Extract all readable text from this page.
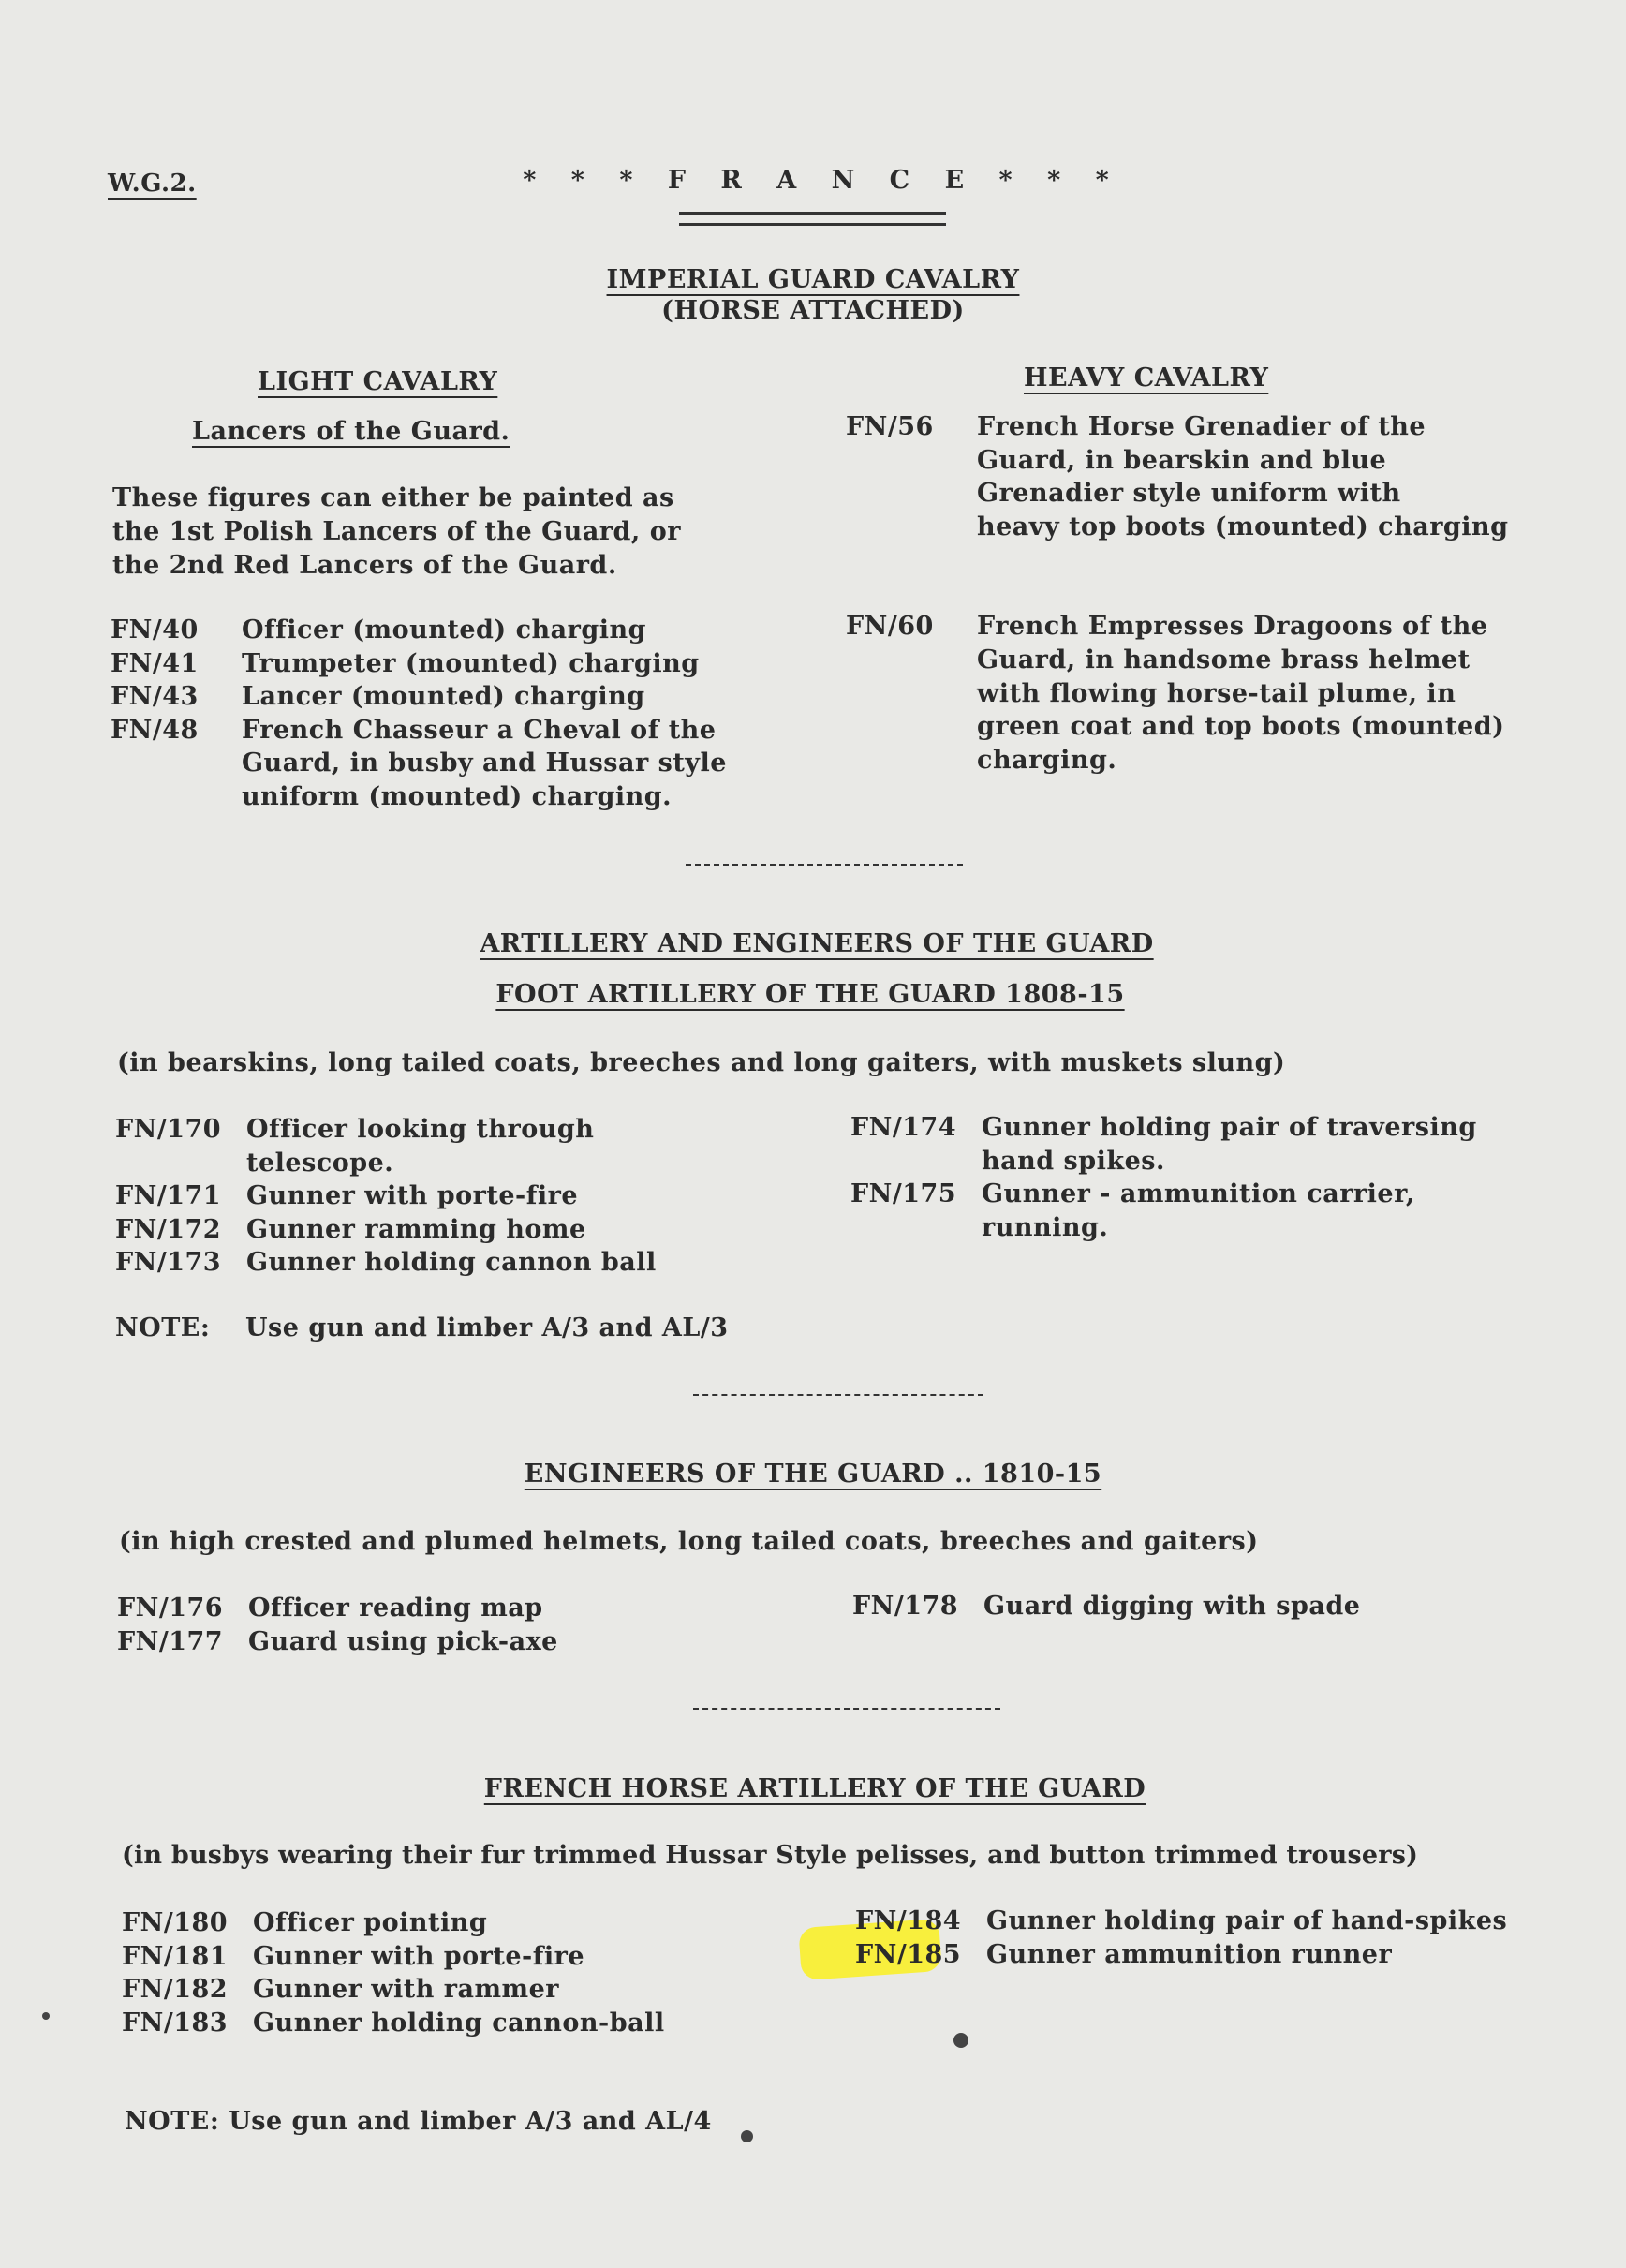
W.G.2.	* * * F R A N C E * * *
IMPERIAL GUARD CAVALRY
(HORSE ATTACHED)
LIGHT CAVALRY
Lancers of the Guard.
These figures can either be painted as
the 1st Polish Lancers of the Guard, or
the 2nd Red Lancers of the Guard.
FN/40 Officer (mounted) charging
FN/41 Trumpeter (mounted) charging
FN/43 Lancer (mounted) charging
FN/48 French Chasseur a Cheval of the
Guard, in busby and Hussar style
uniform (mounted) charging.
HEAVY CAVALRY
FN/56 French Horse Grenadier of the
Guard, in bearskin and blue
Grenadier style uniform with
heavy top boots (mounted) charging
FN/60 French Empresses Dragoons of the
Guard, in handsome brass helmet
with flowing horse-tail plume, in
green coat and top boots (mounted)
charging.
ARTILLERY AND ENGINEERS OF THE GUARD
FOOT ARTILLERY OF THE GUARD 1808-15
(in bearskins, long tailed coats, breeches and long gaiters, with muskets slung)
FN/170 Officer looking through
telescope.
FN/171 Gunner with porte-fire
FN/172 Gunner ramming home
FN/173 Gunner holding cannon ball
FN/174 Gunner holding pair of traversing
hand spikes.
FN/175 Gunner - ammunition carrier,
running.
NOTE: Use gun and limber A/3 and AL/3
ENGINEERS OF THE GUARD .. 1810-15
(in high crested and plumed helmets, long tailed coats, breeches and gaiters)
FN/176 Officer reading map
FN/177 Guard using pick-axe
FN/178 Guard digging with spade
FRENCH HORSE ARTILLERY OF THE GUARD
(in busbys wearing their fur trimmed Hussar Style pelisses, and button trimmed trousers)
FN/180 Officer pointing
FN/181 Gunner with porte-fire
FN/182 Gunner with rammer
FN/183 Gunner holding cannon-ball
FN/184 Gunner holding pair of hand-spikes
FN/185 Gunner ammunition runner
NOTE: Use gun and limber A/3 and AL/4
